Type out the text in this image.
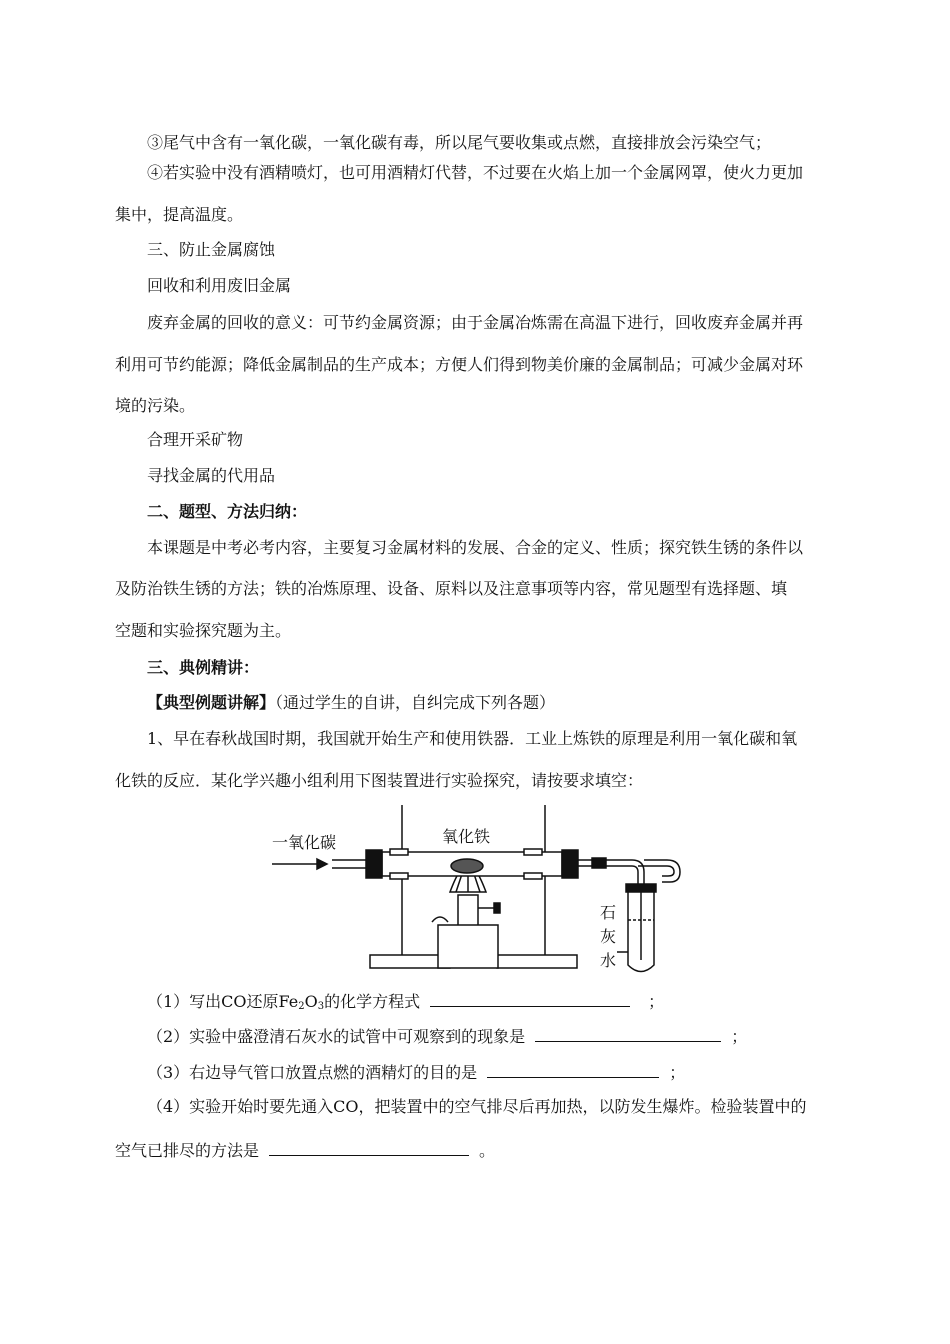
③尾气中含有一氧化碳，一氧化碳有毒，所以尾气要收集或点燃，直接排放会污染空气；
④若实验中没有酒精喷灯，也可用酒精灯代替，不过要在火焰上加一个金属网罩，使火力更加
集中，提高温度。
三、防止金属腐蚀
回收和利用废旧金属
废弃金属的回收的意义：可节约金属资源；由于金属冶炼需在高温下进行，回收废弃金属并再
利用可节约能源；降低金属制品的生产成本；方便人们得到物美价廉的金属制品；可减少金属对环
境的污染。
合理开采矿物
寻找金属的代用品
二、题型、方法归纳：
本课题是中考必考内容，主要复习金属材料的发展、合金的定义、性质；探究铁生锈的条件以
及防治铁生锈的方法；铁的冶炼原理、设备、原料以及注意事项等内容，常见题型有选择题、填
空题和实验探究题为主。
三、典例精讲：
【典型例题讲解】（通过学生的自讲，自纠完成下列各题）
1、早在春秋战国时期，我国就开始生产和使用铁器．工业上炼铁的原理是利用一氧化碳和氧
化铁的反应．某化学兴趣小组利用下图装置进行实验探究，请按要求填空：
一氧化碳	氧化铁
石
灰
水
（1）写出CO还原$Fe_2O_3$的化学方程式	；
（2）实验中盛澄清石灰水的试管中可观察到的现象是	；
（3）右边导气管口放置点燃的酒精灯的目的是	；
（4）实验开始时要先通入CO，把装置中的空气排尽后再加热，以防发生爆炸。检验装置中的
空气已排尽的方法是	。
